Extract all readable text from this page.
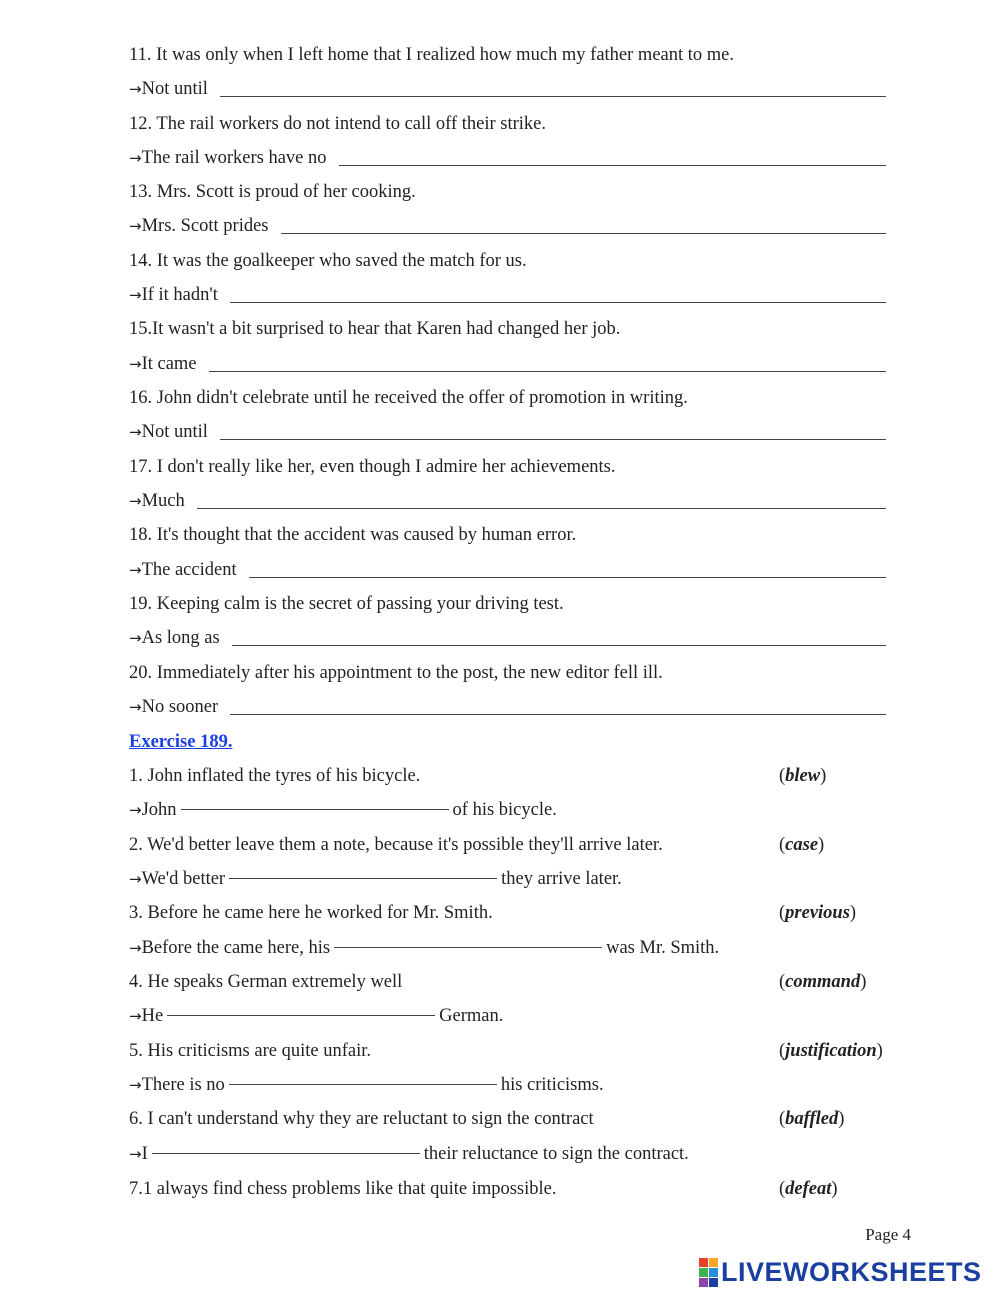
11. It was only when I left home that I realized how much my father meant to me.
→Not until
12. The rail workers do not intend to call off their strike.
→The rail workers have no
13. Mrs. Scott is proud of her cooking.
→Mrs. Scott prides
14. It was the goalkeeper who saved the match for us.
→If it hadn't
15.It wasn't a bit surprised to hear that Karen had changed her job.
→It came
16. John didn't celebrate until he received the offer of promotion in writing.
→Not until
17. I don't really like her, even though I admire her achievements.
→Much
18. It's thought that the accident was caused by human error.
→The accident
19. Keeping calm is the secret of passing your driving test.
→As long as
20. Immediately after his appointment to the post, the new editor fell ill.
→No sooner
Exercise 189.
1. John inflated the tyres of his bicycle.	(blew)
→ John	of his bicycle.
2. We'd better leave them a note, because it's possible they'll arrive later.	(case)
→ We'd better	they arrive later.
3. Before he came here he worked for Mr. Smith.	(previous)
→ Before the came here, his	was Mr. Smith.
4. He speaks German extremely well	(command)
→ He	German.
5. His criticisms are quite unfair.	(justification)
→ There is no	his criticisms.
6. I can't understand why they are reluctant to sign the contract	(baffled)
→ I	their reluctance to sign the contract.
7.1 always find chess problems like that quite impossible.	(defeat)
Page 4
LIVEWORKSHEETS
